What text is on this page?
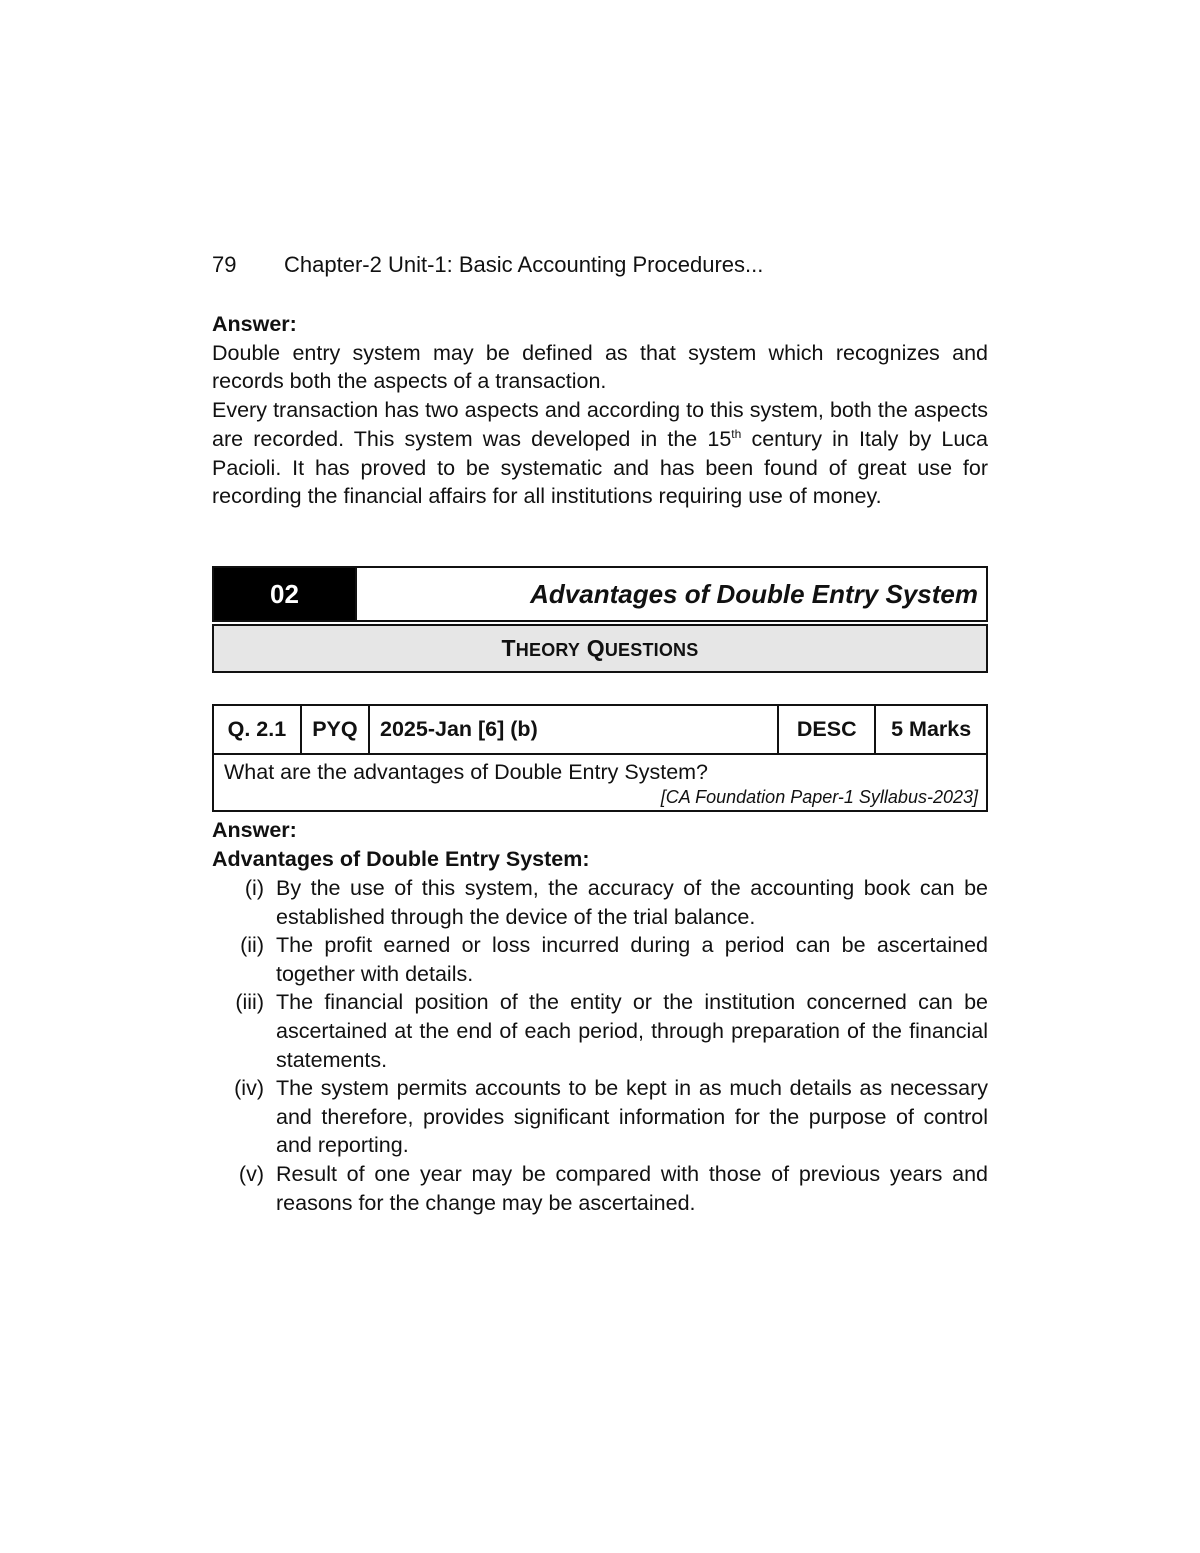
79 Chapter-2 Unit-1: Basic Accounting Procedures...
Answer:

Double entry system may be defined as that system which recognizes and records both the aspects of a transaction.

Every transaction has two aspects and according to this system, both the aspects are recorded. This system was developed in the 15th century in Italy by Luca Pacioli. It has proved to be systematic and has been found of great use for recording the financial affairs for all institutions requiring use of money.

02	Advantages of Double Entry System
THEORY QUESTIONS
Q. 2.1	PYQ	2025-Jan [6] (b)	DESC	5 Marks

What are the advantages of Double Entry System?
[CA Foundation Paper-1 Syllabus-2023]
Answer:
Advantages of Double Entry System:
(i) By the use of this system, the accuracy of the accounting book can be established through the device of the trial balance.
(ii) The profit earned or loss incurred during a period can be ascertained together with details.
(iii) The financial position of the entity or the institution concerned can be ascertained at the end of each period, through preparation of the financial statements.
(iv) The system permits accounts to be kept in as much details as necessary and therefore, provides significant information for the purpose of control and reporting.
(v) Result of one year may be compared with those of previous years and reasons for the change may be ascertained.
